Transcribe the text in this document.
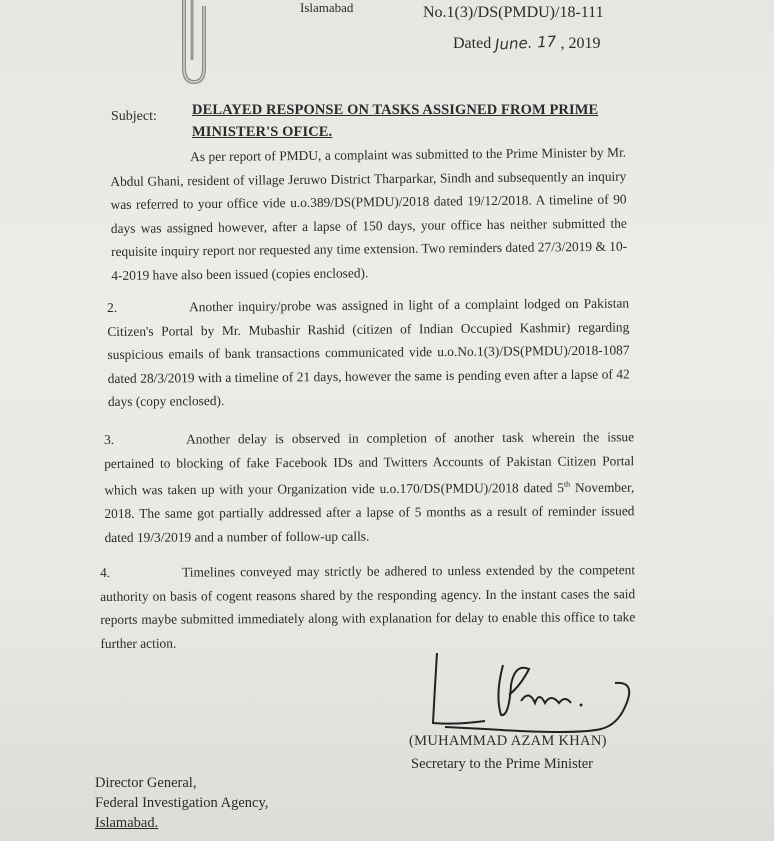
Islamabad	No.1(3)/DS(PMDU)/18-111
Dated June. 17 , 2019
Subject: DELAYED RESPONSE ON TASKS ASSIGNED FROM PRIME MINISTER'S OFICE.
As per report of PMDU, a complaint was submitted to the Prime Minister by Mr. Abdul Ghani, resident of village Jeruwo District Tharparkar, Sindh and subsequently an inquiry was referred to your office vide u.o.389/DS(PMDU)/2018 dated 19/12/2018. A timeline of 90 days was assigned however, after a lapse of 150 days, your office has neither submitted the requisite inquiry report nor requested any time extension. Two reminders dated 27/3/2019 & 10-4-2019 have also been issued (copies enclosed).
2.	Another inquiry/probe was assigned in light of a complaint lodged on Pakistan Citizen's Portal by Mr. Mubashir Rashid (citizen of Indian Occupied Kashmir) regarding suspicious emails of bank transactions communicated vide u.o.No.1(3)/DS(PMDU)/2018-1087 dated 28/3/2019 with a timeline of 21 days, however the same is pending even after a lapse of 42 days (copy enclosed).
3.	Another delay is observed in completion of another task wherein the issue pertained to blocking of fake Facebook IDs and Twitters Accounts of Pakistan Citizen Portal which was taken up with your Organization vide u.o.170/DS(PMDU)/2018 dated 5th November, 2018. The same got partially addressed after a lapse of 5 months as a result of reminder issued dated 19/3/2019 and a number of follow-up calls.
4.	Timelines conveyed may strictly be adhered to unless extended by the competent authority on basis of cogent reasons shared by the responding agency. In the instant cases the said reports maybe submitted immediately along with explanation for delay to enable this office to take further action.
(MUHAMMAD AZAM KHAN)
Secretary to the Prime Minister
Director General,
Federal Investigation Agency,
Islamabad.
